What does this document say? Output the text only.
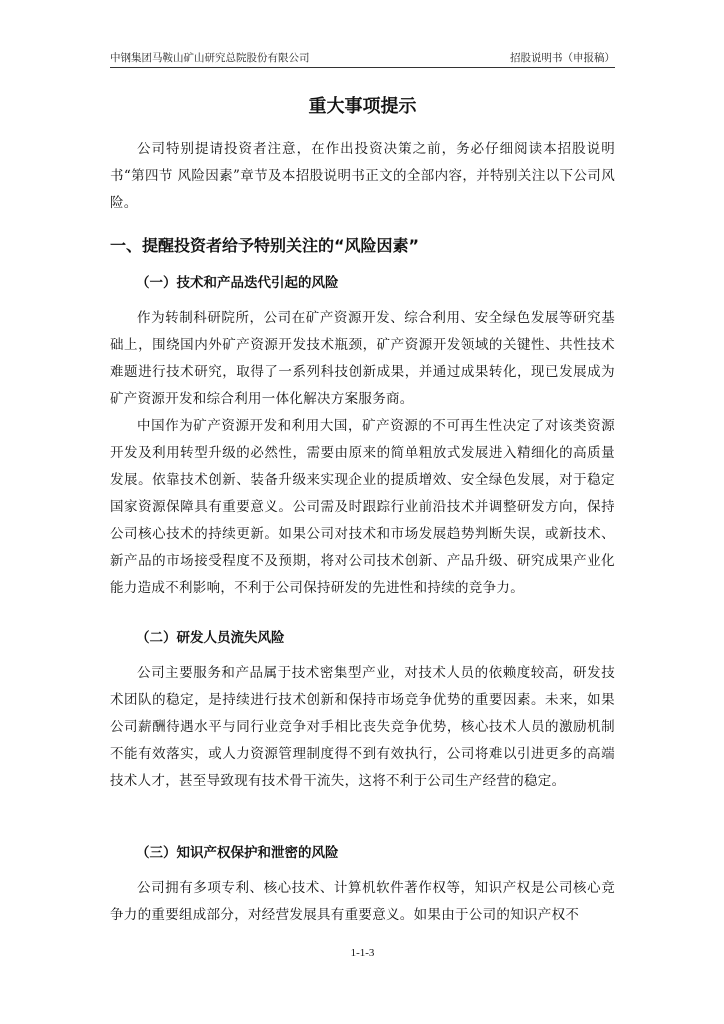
中钢集团马鞍山矿山研究总院股份有限公司	招股说明书（申报稿）
重大事项提示

公司特别提请投资者注意，在作出投资决策之前，务必仔细阅读本招股说明书“第四节 风险因素”章节及本招股说明书正文的全部内容，并特别关注以下公司风险。

一、提醒投资者给予特别关注的“风险因素”
（一）技术和产品迭代引起的风险

作为转制科研院所，公司在矿产资源开发、综合利用、安全绿色发展等研究基础上，围绕国内外矿产资源开发技术瓶颈，矿产资源开发领域的关键性、共性技术难题进行技术研究，取得了一系列科技创新成果，并通过成果转化，现已发展成为矿产资源开发和综合利用一体化解决方案服务商。

中国作为矿产资源开发和利用大国，矿产资源的不可再生性决定了对该类资源开发及利用转型升级的必然性，需要由原来的简单粗放式发展进入精细化的高质量发展。依靠技术创新、装备升级来实现企业的提质增效、安全绿色发展，对于稳定国家资源保障具有重要意义。公司需及时跟踪行业前沿技术并调整研发方向，保持公司核心技术的持续更新。如果公司对技术和市场发展趋势判断失误，或新技术、新产品的市场接受程度不及预期，将对公司技术创新、产品升级、研究成果产业化能力造成不利影响，不利于公司保持研发的先进性和持续的竞争力。

（二）研发人员流失风险

公司主要服务和产品属于技术密集型产业，对技术人员的依赖度较高，研发技术团队的稳定，是持续进行技术创新和保持市场竞争优势的重要因素。未来，如果公司薪酬待遇水平与同行业竞争对手相比丧失竞争优势，核心技术人员的激励机制不能有效落实，或人力资源管理制度得不到有效执行，公司将难以引进更多的高端技术人才，甚至导致现有技术骨干流失，这将不利于公司生产经营的稳定。

（三）知识产权保护和泄密的风险

公司拥有多项专利、核心技术、计算机软件著作权等，知识产权是公司核心竞争力的重要组成部分，对经营发展具有重要意义。如果由于公司的知识产权不

1-1-3
